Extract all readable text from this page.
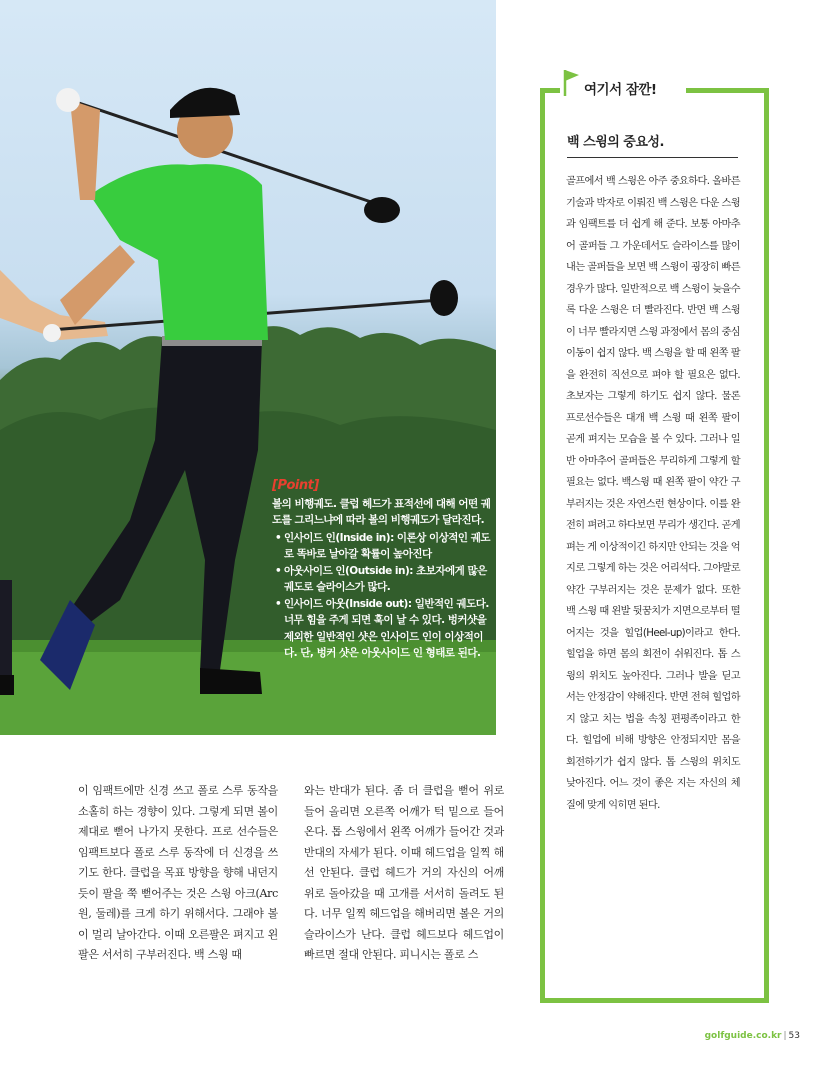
[Point]
볼의 비행궤도. 클럽 헤드가 표적선에 대해 어떤 궤도를 그리느냐에 따라 볼의 비행궤도가 달라진다.
• 인사이드 인(Inside in): 이론상 이상적인 궤도로 똑바로 날아갈 확률이 높아진다
• 아웃사이드 인(Outside in): 초보자에게 많은 궤도로 슬라이스가 많다.
• 인사이드 아웃(Inside out): 일반적인 궤도다. 너무 힘을 주게 되면 훅이 날 수 있다. 벙커샷을 제외한 일반적인 샷은 인사이드 인이 이상적이다. 단, 벙커 샷은 아웃사이드 인 형태로 된다.
이 임팩트에만 신경 쓰고 폴로 스루 동작을 소홀히 하는 경향이 있다. 그렇게 되면 볼이 제대로 뻗어 나가지 못한다. 프로 선수들은 임팩트보다 폴로 스루 동작에 더 신경을 쓰기도 한다. 클럽을 목표 방향을 향해 내던지듯이 팔을 쭉 뻗어주는 것은 스윙 아크(Arc 원, 둘레)를 크게 하기 위해서다. 그래야 볼이 멀리 날아간다. 이때 오른팔은 펴지고 왼팔은 서서히 구부러진다. 백 스윙 때
와는 반대가 된다. 좀 더 클럽을 뻗어 위로 들어 올리면 오른쪽 어깨가 턱 밑으로 들어온다. 톱 스윙에서 왼쪽 어깨가 들어간 것과 반대의 자세가 된다. 이때 헤드업을 일찍 해선 안된다. 클럽 헤드가 거의 자신의 어깨 위로 돌아갔을 때 고개를 서서히 돌려도 된다. 너무 일찍 헤드업을 해버리면 볼은 거의 슬라이스가 난다. 클럽 헤드보다 헤드업이 빠르면 절대 안된다. 피니시는 폴로 스
여기서 잠깐!
백 스윙의 중요성.
골프에서 백 스윙은 아주 중요하다. 올바른 기술과 박자로 이뤄진 백 스윙은 다운 스윙과 임팩트를 더 쉽게 해 준다. 보통 아마추어 골퍼들 그 가운데서도 슬라이스를 많이 내는 골퍼들을 보면 백 스윙이 굉장히 빠른 경우가 많다. 일반적으로 백 스윙이 늦을수록 다운 스윙은 더 빨라진다. 반면 백 스윙이 너무 빨라지면 스윙 과정에서 몸의 중심 이동이 쉽지 않다. 백 스윙을 할 때 왼쪽 팔을 완전히 직선으로 펴야 할 필요은 없다. 초보자는 그렇게 하기도 쉽지 않다. 물론 프로선수들은 대개 백 스윙 때 왼쪽 팔이 곧게 펴지는 모습을 볼 수 있다. 그러나 일반 아마추어 골퍼들은 무리하게 그렇게 할 필요는 없다. 백스윙 때 왼쪽 팔이 약간 구부러지는 것은 자연스런 현상이다. 이를 완전히 펴려고 하다보면 무리가 생긴다. 곧게 펴는 게 이상적이긴 하지만 안되는 것을 억지로 그렇게 하는 것은 어리석다. 그야말로 약간 구부러지는 것은 문제가 없다. 또한 백 스윙 때 왼발 뒷꿈치가 지면으로부터 떨어지는 것을 힐업(Heel-up)이라고 한다. 힐업을 하면 몸의 회전이 쉬워진다. 톱 스윙의 위치도 높아진다. 그러나 발을 딛고 서는 안정감이 약해진다. 반면 전혀 힐업하지 않고 치는 법을 속칭 편평족이라고 한다. 힐업에 비해 방향은 안정되지만 몸을 회전하기가 쉽지 않다. 톱 스윙의 위치도 낮아진다. 어느 것이 좋은 지는 자신의 체질에 맞게 익히면 된다.
golfguide.co.kr | 53
